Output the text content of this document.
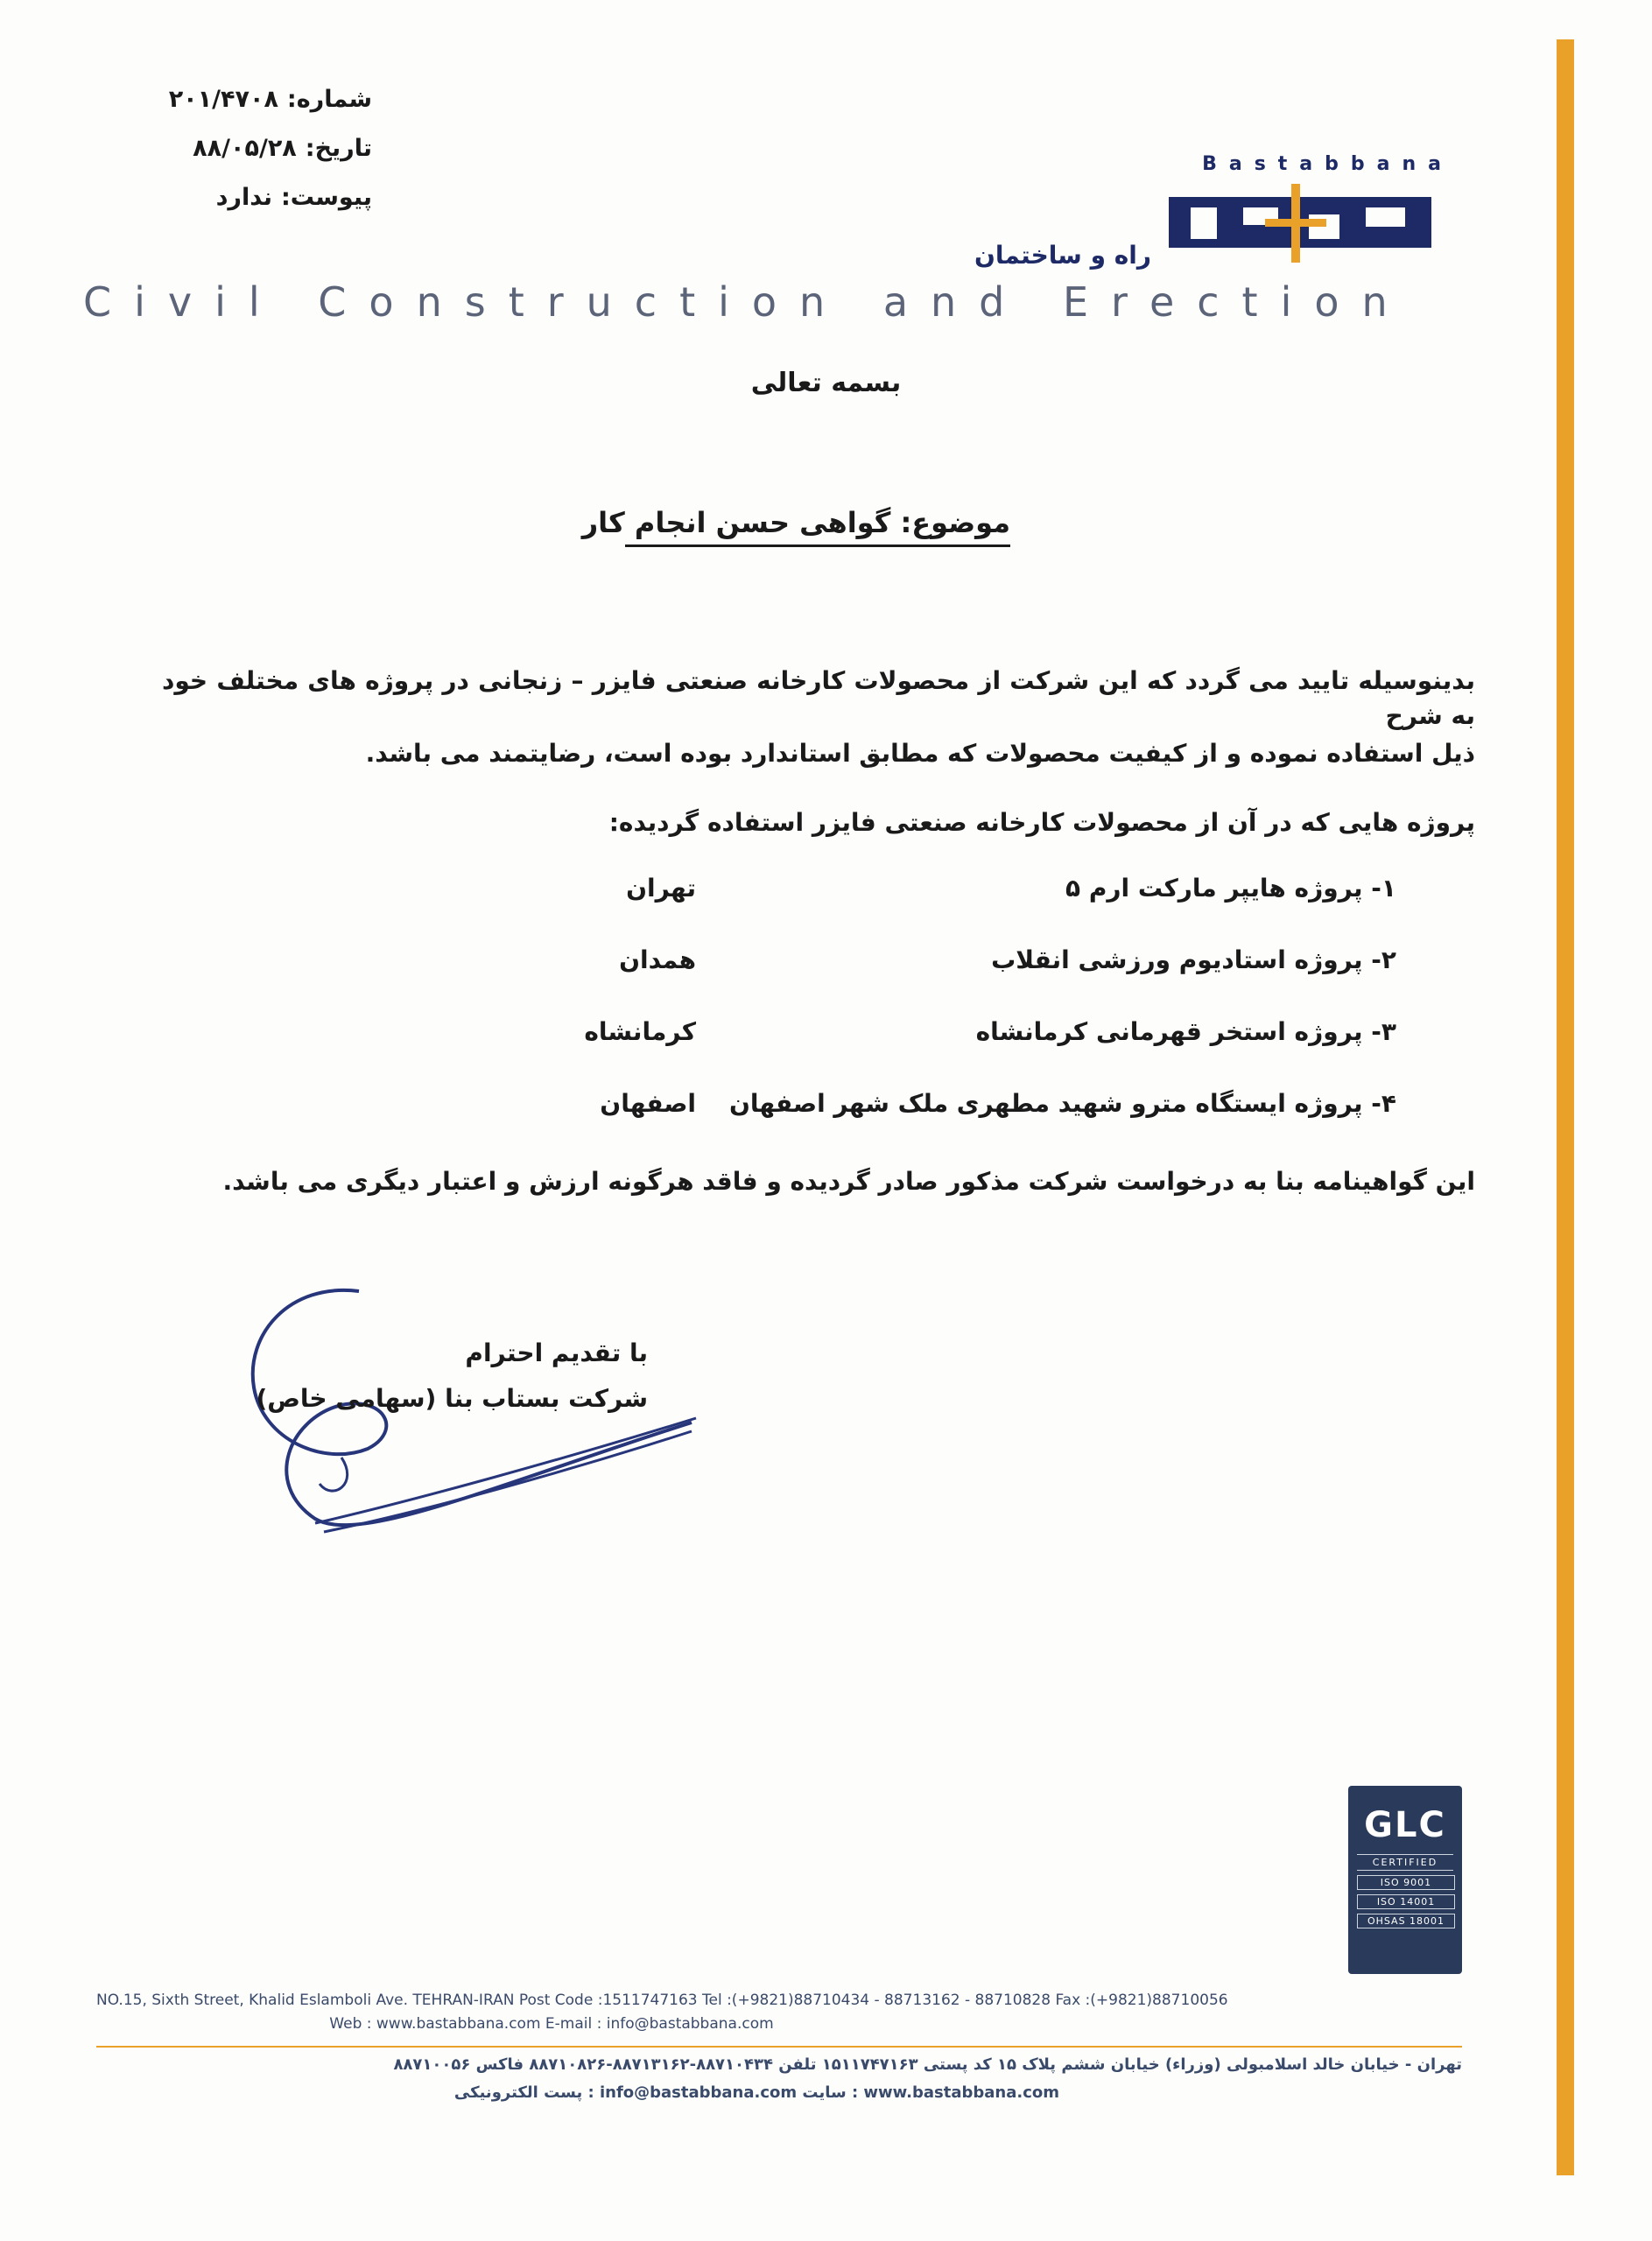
شماره:۲۰۱/۴۷۰۸
تاریخ:۸۸/۰۵/۲۸
پیوست:ندارد
Bastabbana
راه و ساختمان
Civil Construction and Erection
بسمه تعالی
موضوع: گواهی حسن انجام کار
بدینوسیله تایید می گردد که این شرکت از محصولات کارخانه صنعتی فایزر – زنجانی در پروژه های مختلف خود به شرح
ذیل استفاده نموده و از کیفیت محصولات که مطابق استاندارد بوده است، رضایتمند می باشد.
پروژه هایی که در آن از محصولات کارخانه صنعتی فایزر استفاده گردیده:
۱- پروژه هایپر مارکت ارم ۵
تهران
۲- پروژه استادیوم ورزشی انقلاب
همدان
۳- پروژه استخر قهرمانی کرمانشاه
کرمانشاه
۴- پروژه ایستگاه مترو شهید مطهری ملک شهر اصفهان
اصفهان
این گواهینامه بنا به درخواست شرکت مذکور صادر گردیده و فاقد هرگونه ارزش و اعتبار دیگری می باشد.
با تقدیم احترام
شرکت بستاب بنا (سهامی خاص)
GLC
CERTIFIED
ISO 9001
ISO 14001
OHSAS 18001
NO.15, Sixth Street, Khalid Eslamboli Ave. TEHRAN-IRAN Post Code :1511747163 Tel :(+9821)88710434 - 88713162 - 88710828 Fax :(+9821)88710056
Web : www.bastabbana.com E-mail : info@bastabbana.com
تهران - خیابان خالد اسلامبولی (وزراء) خیابان ششم پلاک ۱۵ کد پستی ۱۵۱۱۷۴۷۱۶۳ تلفن ۸۸۷۱۰۴۳۴-۸۸۷۱۳۱۶۲-۸۸۷۱۰۸۲۶ فاکس ۸۸۷۱۰۰۵۶
www.bastabbana.com : سایت info@bastabbana.com : پست الکترونیکی
